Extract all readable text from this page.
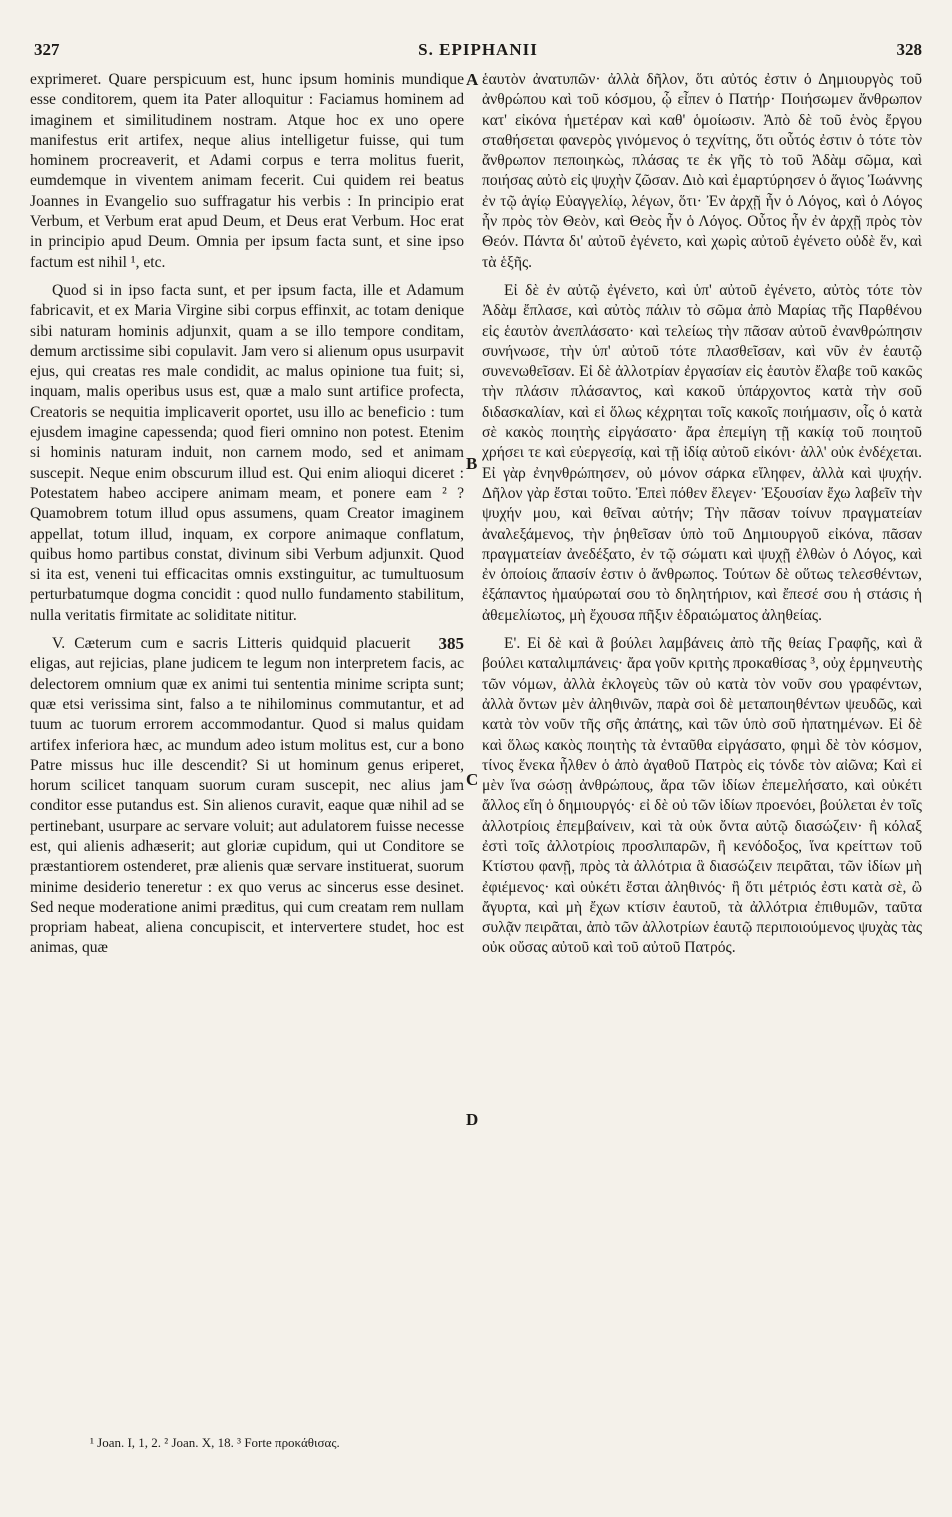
327	S. EPIPHANII	328

exprimeret. Quare perspicuum est, hunc ipsum hominis mundique esse conditorem, quem ita Pater alloquitur : Faciamus hominem ad imaginem et similitudinem nostram. Atque hoc ex uno opere manifestus erit artifex, neque alius intelligetur fuisse, qui tum hominem procreaverit, et Adami corpus e terra molitus fuerit, eumdemque in viventem animam fecerit. Cui quidem rei beatus Joannes in Evangelio suo suffragatur his verbis : In principio erat Verbum, et Verbum erat apud Deum, et Deus erat Verbum. Hoc erat in principio apud Deum. Omnia per ipsum facta sunt, et sine ipso factum est nihil ¹, etc.

Quod si in ipso facta sunt, et per ipsum facta, ille et Adamum fabricavit, et ex Maria Virgine sibi corpus effinxit, ac totam denique sibi naturam hominis adjunxit, quam a se illo tempore conditam, demum arctissime sibi copulavit. Jam vero si alienum opus usurpavit ejus, qui creatas res male condidit, ac malus opinione tua fuit; si, inquam, malis operibus usus est, quæ a malo sunt artifice profecta, Creatoris se nequitia implicaverit oportet, usu illo ac beneficio : tum ejusdem imagine capessenda; quod fieri omnino non potest. Etenim si hominis naturam induit, non carnem modo, sed et animam suscepit. Neque enim obscurum illud est. Qui enim alioqui diceret : Potestatem habeo accipere animam meam, et ponere eam ² ? Quamobrem totum illud opus assumens, quam Creator imaginem appellat, totum illud, inquam, ex corpore animaque conflatum, quibus homo partibus constat, divinum sibi Verbum adjunxit. Quod si ita est, veneni tui efficacitas omnis exstinguitur, ac tumultuosum perturbatumque dogma concidit : quod nullo fundamento stabilitum, nulla veritatis firmitate ac soliditate nititur.

385
V. Cæterum cum e sacris Litteris quidquid placuerit eligas, aut rejicias, plane judicem te legum non interpretem facis, ac delectorem omnium quæ ex animi tui sententia minime scripta sunt; quæ etsi verissima sint, falso a te nihilominus commutantur, et ad tuum ac tuorum errorem accommodantur. Quod si malus quidam artifex inferiora hæc, ac mundum adeo istum molitus est, cur a bono Patre missus huc ille descendit? Si ut hominum genus eriperet, horum scilicet tanquam suorum curam suscepit, nec alius jam conditor esse putandus est. Sin alienos curavit, eaque quæ nihil ad se pertinebant, usurpare ac servare voluit; aut adulatorem fuisse necesse est, qui alienis adhæserit; aut gloriæ cupidum, qui ut Conditore se præstantiorem ostenderet, præ alienis quæ servare instituerat, suorum minime desiderio teneretur : ex quo verus ac sincerus esse desinet. Sed neque moderatione animi præditus, qui cum creatam rem nullam propriam habeat, aliena concupiscit, et intervertere studet, hoc est animas, quæ

ἑαυτὸν ἀνατυπῶν· ἀλλὰ δῆλον, ὅτι αὐτός ἐστιν ὁ Δημιουργὸς τοῦ ἀνθρώπου καὶ τοῦ κόσμου, ᾧ εἶπεν ὁ Πατήρ· Ποιήσωμεν ἄνθρωπον κατ' εἰκόνα ἡμετέραν καὶ καθ' ὁμοίωσιν. Ἀπὸ δὲ τοῦ ἑνὸς ἔργου σταθήσεται φανερὸς γινόμενος ὁ τεχνίτης, ὅτι οὗτός ἐστιν ὁ τότε τὸν ἄνθρωπον πεποιηκὼς, πλάσας τε ἐκ γῆς τὸ τοῦ Ἀδὰμ σῶμα, καὶ ποιήσας αὐτὸ εἰς ψυχὴν ζῶσαν. Διὸ καὶ ἐμαρτύρησεν ὁ ἅγιος Ἰωάννης ἐν τῷ ἁγίῳ Εὐαγγελίῳ, λέγων, ὅτι· Ἐν ἀρχῇ ἦν ὁ Λόγος, καὶ ὁ Λόγος ἦν πρὸς τὸν Θεὸν, καὶ Θεὸς ἦν ὁ Λόγος. Οὗτος ἦν ἐν ἀρχῇ πρὸς τὸν Θεόν. Πάντα δι' αὐτοῦ ἐγένετο, καὶ χωρὶς αὐτοῦ ἐγένετο οὐδὲ ἕν, καὶ τὰ ἑξῆς.

Εἰ δὲ ἐν αὐτῷ ἐγένετο, καὶ ὑπ' αὐτοῦ ἐγένετο, αὐτὸς τότε τὸν Ἀδὰμ ἔπλασε, καὶ αὐτὸς πάλιν τὸ σῶμα ἀπὸ Μαρίας τῆς Παρθένου εἰς ἑαυτὸν ἀνεπλάσατο· καὶ τελείως τὴν πᾶσαν αὐτοῦ ἐνανθρώπησιν συνήνωσε, τὴν ὑπ' αὐτοῦ τότε πλασθεῖσαν, καὶ νῦν ἐν ἑαυτῷ συνενωθεῖσαν. Εἰ δὲ ἀλλοτρίαν ἐργασίαν εἰς ἑαυτὸν ἔλαβε τοῦ κακῶς τὴν πλάσιν πλάσαντος, καὶ κακοῦ ὑπάρχοντος κατὰ τὴν σοῦ διδασκαλίαν, καὶ εἰ ὅλως κέχρηται τοῖς κακοῖς ποιήμασιν, οἷς ὁ κατὰ σὲ κακὸς ποιητὴς εἰργάσατο· ἄρα ἐπεμίγη τῇ κακίᾳ τοῦ ποιητοῦ χρήσει τε καὶ εὐεργεσίᾳ, καὶ τῇ ἰδίᾳ αὐτοῦ εἰκόνι· ἀλλ' οὐκ ἐνδέχεται. Εἰ γὰρ ἐνηνθρώπησεν, οὐ μόνον σάρκα εἴληφεν, ἀλλὰ καὶ ψυχήν. Δῆλον γὰρ ἔσται τοῦτο. Ἐπεὶ πόθεν ἔλεγεν· Ἐξουσίαν ἔχω λαβεῖν τὴν ψυχήν μου, καὶ θεῖναι αὐτήν; Τὴν πᾶσαν τοίνυν πραγματείαν ἀναλεξάμενος, τὴν ῥηθεῖσαν ὑπὸ τοῦ Δημιουργοῦ εἰκόνα, πᾶσαν πραγματείαν ἀνεδέξατο, ἐν τῷ σώματι καὶ ψυχῇ ἐλθὼν ὁ Λόγος, καὶ ἐν ὁποίοις ἅπασίν ἐστιν ὁ ἄνθρωπος. Τούτων δὲ οὕτως τελεσθέντων, ἐξάπαντος ἠμαύρωταί σου τὸ δηλητήριον, καὶ ἔπεσέ σου ἡ στάσις ἡ ἀθεμελίωτος, μὴ ἔχουσα πῆξιν ἑδραιώματος ἀληθείας.

Ε'. Εἰ δὲ καὶ ἃ βούλει λαμβάνεις ἀπὸ τῆς θείας Γραφῆς, καὶ ἃ βούλει καταλιμπάνεις· ἄρα γοῦν κριτὴς προκαθίσας ³, οὐχ ἑρμηνευτὴς τῶν νόμων, ἀλλὰ ἐκλογεὺς τῶν οὐ κατὰ τὸν νοῦν σου γραφέντων, ἀλλὰ ὄντων μὲν ἀληθινῶν, παρὰ σοὶ δὲ μεταποιηθέντων ψευδῶς, καὶ κατὰ τὸν νοῦν τῆς σῆς ἀπάτης, καὶ τῶν ὑπὸ σοῦ ἠπατημένων. Εἰ δὲ καὶ ὅλως κακὸς ποιητὴς τὰ ἐνταῦθα εἰργάσατο, φημὶ δὲ τὸν κόσμον, τίνος ἕνεκα ἦλθεν ὁ ἀπὸ ἀγαθοῦ Πατρὸς εἰς τόνδε τὸν αἰῶνα; Καὶ εἰ μὲν ἵνα σώσῃ ἀνθρώπους, ἄρα τῶν ἰδίων ἐπεμελήσατο, καὶ οὐκέτι ἄλλος εἴη ὁ δημιουργός· εἰ δὲ οὐ τῶν ἰδίων προενόει, βούλεται ἐν τοῖς ἀλλοτρίοις ἐπεμβαίνειν, καὶ τὰ οὐκ ὄντα αὐτῷ διασώζειν· ἢ κόλαξ ἐστὶ τοῖς ἀλλοτρίοις προσλιπαρῶν, ἢ κενόδοξος, ἵνα κρείττων τοῦ Κτίστου φανῇ, πρὸς τὰ ἀλλότρια ἃ διασώζειν πειρᾶται, τῶν ἰδίων μὴ ἐφιέμενος· καὶ οὐκέτι ἔσται ἀληθινός· ἢ ὅτι μέτριός ἐστι κατὰ σὲ, ὢ ἄγυρτα, καὶ μὴ ἔχων κτίσιν ἑαυτοῦ, τὰ ἀλλότρια ἐπιθυμῶν, ταῦτα συλᾷν πειρᾶται, ἀπὸ τῶν ἀλλοτρίων ἑαυτῷ περιποιούμενος ψυχὰς τὰς οὐκ οὔσας αὐτοῦ καὶ τοῦ αὐτοῦ Πατρός.

A
B
C
D
¹ Joan. I, 1, 2. ² Joan. X, 18. ³ Forte προκάθισας.
